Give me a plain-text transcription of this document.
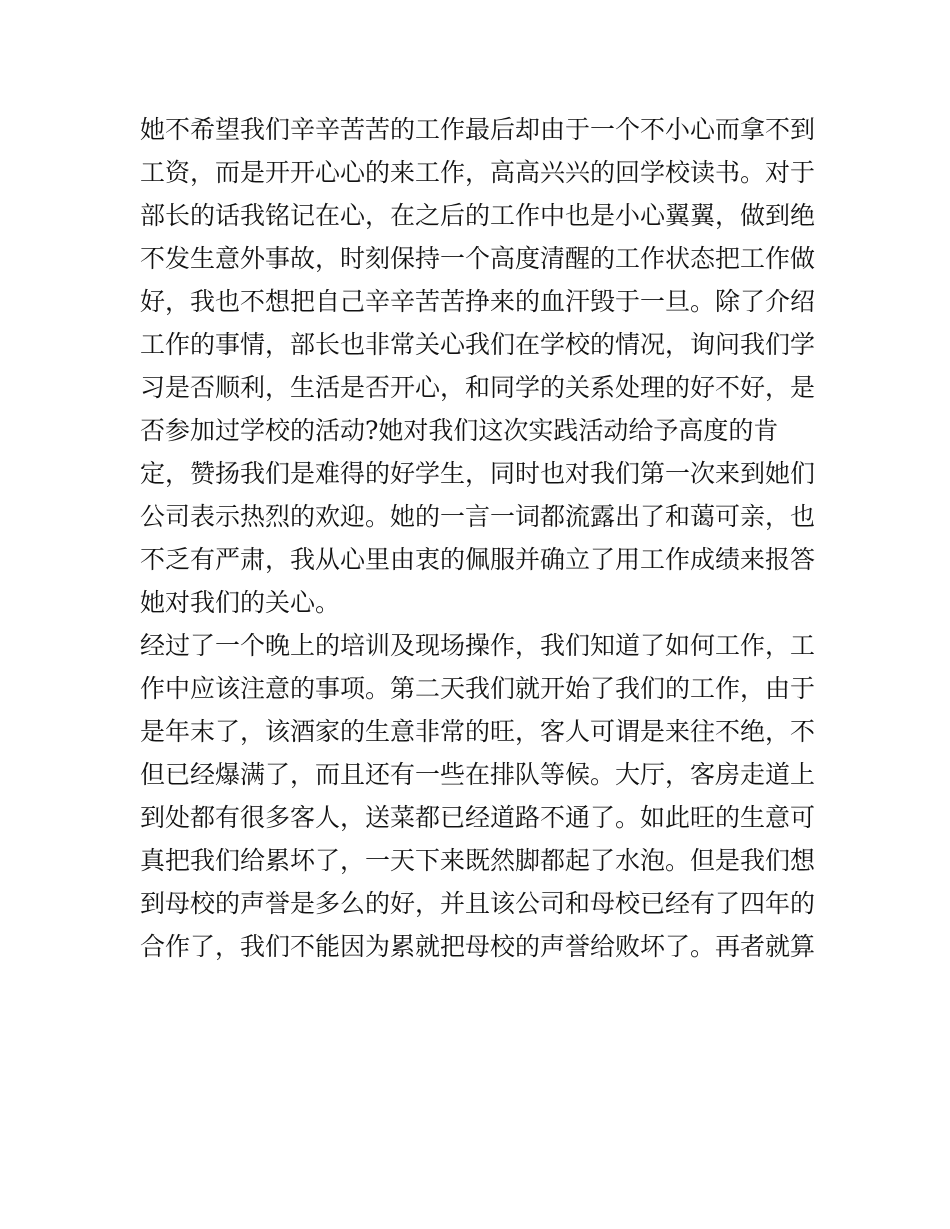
她不希望我们辛辛苦苦的工作最后却由于一个不小心而拿不到
工资，而是开开心心的来工作，高高兴兴的回学校读书。对于
部长的话我铭记在心，在之后的工作中也是小心翼翼，做到绝
不发生意外事故，时刻保持一个高度清醒的工作状态把工作做
好，我也不想把自己辛辛苦苦挣来的血汗毁于一旦。除了介绍
工作的事情，部长也非常关心我们在学校的情况，询问我们学
习是否顺利，生活是否开心，和同学的关系处理的好不好，是
否参加过学校的活动?她对我们这次实践活动给予高度的肯
定，赞扬我们是难得的好学生，同时也对我们第一次来到她们
公司表示热烈的欢迎。她的一言一词都流露出了和蔼可亲，也
不乏有严肃，我从心里由衷的佩服并确立了用工作成绩来报答
她对我们的关心。
经过了一个晚上的培训及现场操作，我们知道了如何工作，工
作中应该注意的事项。第二天我们就开始了我们的工作，由于
是年末了，该酒家的生意非常的旺，客人可谓是来往不绝，不
但已经爆满了，而且还有一些在排队等候。大厅，客房走道上
到处都有很多客人，送菜都已经道路不通了。如此旺的生意可
真把我们给累坏了，一天下来既然脚都起了水泡。但是我们想
到母校的声誉是多么的好，并且该公司和母校已经有了四年的
合作了，我们不能因为累就把母校的声誉给败坏了。再者就算
